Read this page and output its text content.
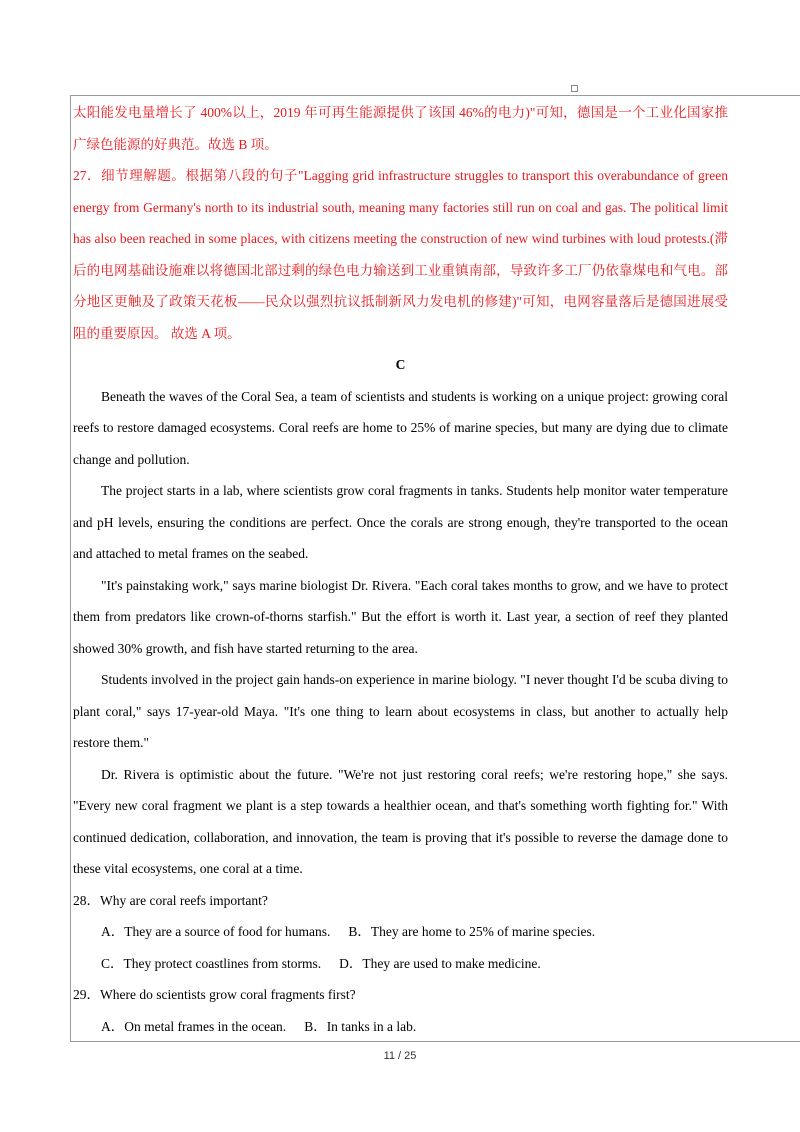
太阳能发电量增长了 400%以上，2019 年可再生能源提供了该国 46%的电力)"可知，德国是一个工业化国家推广绿色能源的好典范。故选 B 项。

27．细节理解题。根据第八段的句子"Lagging grid infrastructure struggles to transport this overabundance of green energy from Germany's north to its industrial south, meaning many factories still run on coal and gas. The political limit has also been reached in some places, with citizens meeting the construction of new wind turbines with loud protests.(滞后的电网基础设施难以将德国北部过剩的绿色电力输送到工业重镇南部，导致许多工厂仍依靠煤电和气电。部分地区更触及了政策天花板——民众以强烈抗议抵制新风力发电机的修建)"可知，电网容量落后是德国进展受阻的重要原因。 故选 A 项。

C

Beneath the waves of the Coral Sea, a team of scientists and students is working on a unique project: growing coral reefs to restore damaged ecosystems. Coral reefs are home to 25% of marine species, but many are dying due to climate change and pollution.

The project starts in a lab, where scientists grow coral fragments in tanks. Students help monitor water temperature and pH levels, ensuring the conditions are perfect. Once the corals are strong enough, they're transported to the ocean and attached to metal frames on the seabed.

"It's painstaking work," says marine biologist Dr. Rivera. "Each coral takes months to grow, and we have to protect them from predators like crown-of-thorns starfish." But the effort is worth it. Last year, a section of reef they planted showed 30% growth, and fish have started returning to the area.

Students involved in the project gain hands-on experience in marine biology. "I never thought I'd be scuba diving to plant coral," says 17-year-old Maya. "It's one thing to learn about ecosystems in class, but another to actually help restore them."

Dr. Rivera is optimistic about the future. "We're not just restoring coral reefs; we're restoring hope," she says. "Every new coral fragment we plant is a step towards a healthier ocean, and that's something worth fighting for." With continued dedication, collaboration, and innovation, the team is proving that it's possible to reverse the damage done to these vital ecosystems, one coral at a time.

28．Why are coral reefs important?

A．They are a source of food for humans. B．They are home to 25% of marine species.

C．They protect coastlines from storms. D．They are used to make medicine.

29．Where do scientists grow coral fragments first?

A．On metal frames in the ocean. B．In tanks in a lab.

11 / 25
